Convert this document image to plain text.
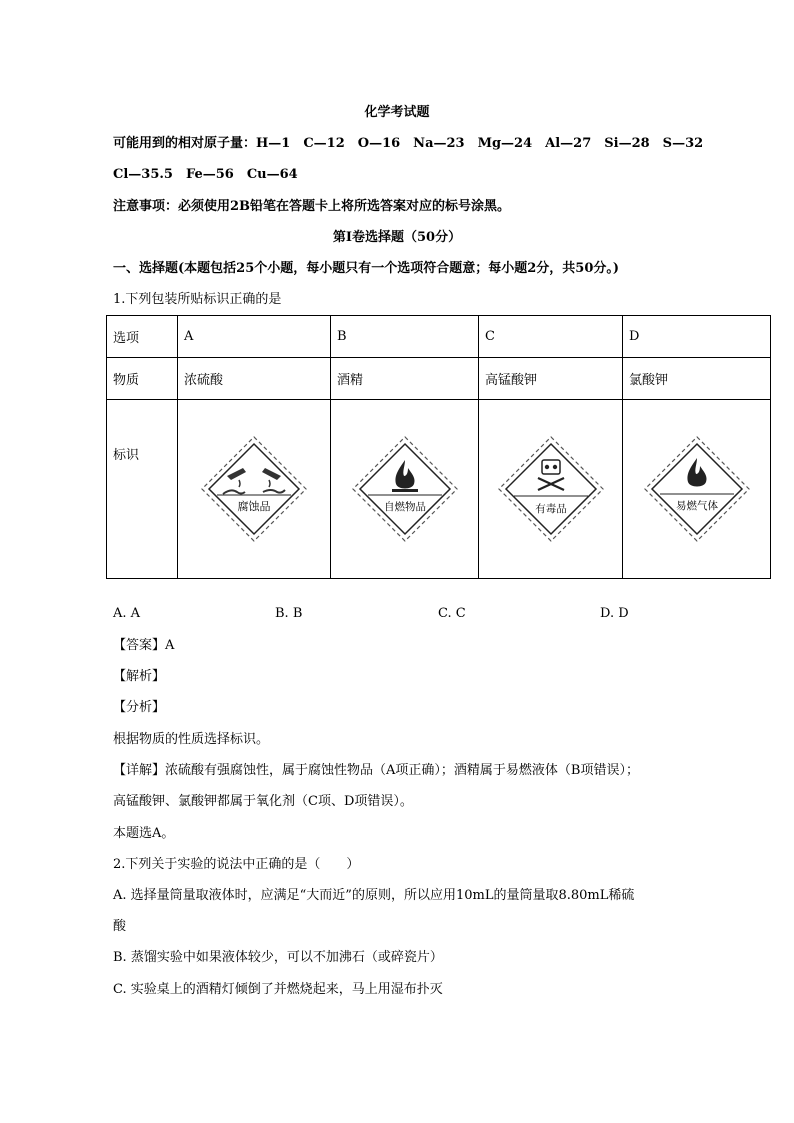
化学考试题
可能用到的相对原子量：H—1　C—12　O—16　Na—23　Mg—24　Al—27　Si—28　S—32
Cl—35.5　Fe—56　Cu—64
注意事项：必须使用2B铅笔在答题卡上将所选答案对应的标号涂黑。
第Ⅰ卷选择题（50分）
一、选择题(本题包括25个小题，每小题只有一个选项符合题意；每小题2分，共50分。)
1.下列包装所贴标识正确的是
选项	A	B	C	D
物质	浓硫酸	酒精	高锰酸钾	氯酸钾
标识	腐蚀品	自燃物品	有毒品	易燃气体
A. A	B. B	C. C	D. D
【答案】A
【解析】
【分析】
根据物质的性质选择标识。
【详解】浓硫酸有强腐蚀性，属于腐蚀性物品（A项正确）；酒精属于易燃液体（B项错误）；
高锰酸钾、氯酸钾都属于氧化剂（C项、D项错误）。
本题选A。
2.下列关于实验的说法中正确的是（　　）
A. 选择量筒量取液体时，应满足“大而近”的原则，所以应用10mL的量筒量取8.80mL稀硫
酸
B. 蒸馏实验中如果液体较少，可以不加沸石（或碎瓷片）
C. 实验桌上的酒精灯倾倒了并燃烧起来，马上用湿布扑灭
